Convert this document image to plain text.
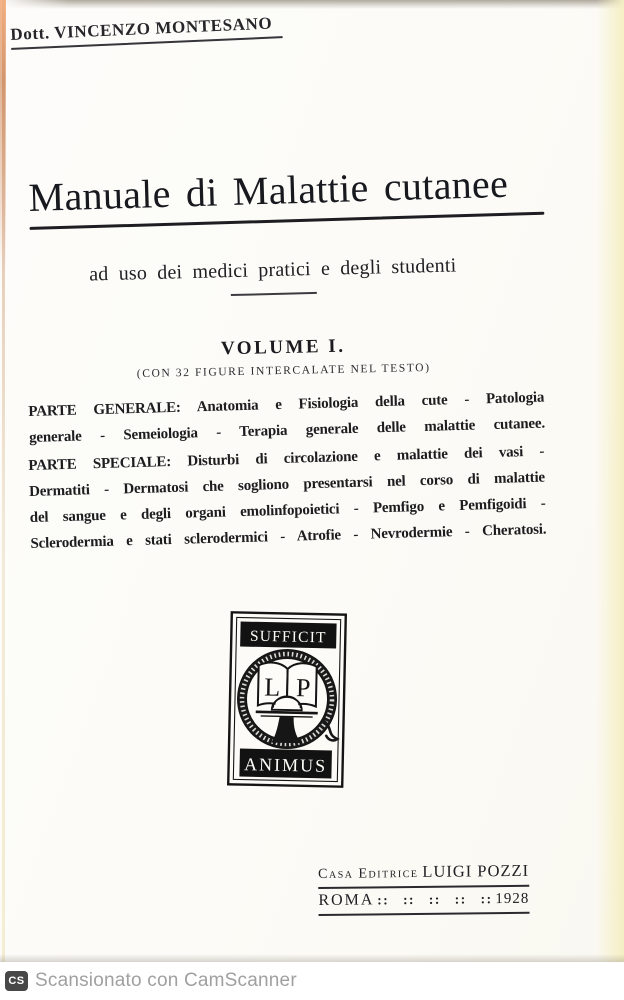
Dott. VINCENZO MONTESANO
Manuale di Malattie cutanee
ad uso dei medici pratici e degli studenti
VOLUME I.
(CON 32 FIGURE INTERCALATE NEL TESTO)
PARTE GENERALE: Anatomia e Fisiologia della cute - Patologia
generale - Semeiologia - Terapia generale delle malattie cutanee.
PARTE SPECIALE: Disturbi di circolazione e malattie dei vasi -
Dermatiti - Dermatosi che sogliono presentarsi nel corso di malattie
del sangue e degli organi emolinfopoietici - Pemfigo e Pemfigoidi -
Sclerodermia e stati sclerodermici - Atrofie - Nevrodermie - Cheratosi.
SUFFICIT
L P
ANIMUS
Casa Editrice LUIGI POZZI
ROMA :: :: :: :: :: 1928
CS Scansionato con CamScanner
